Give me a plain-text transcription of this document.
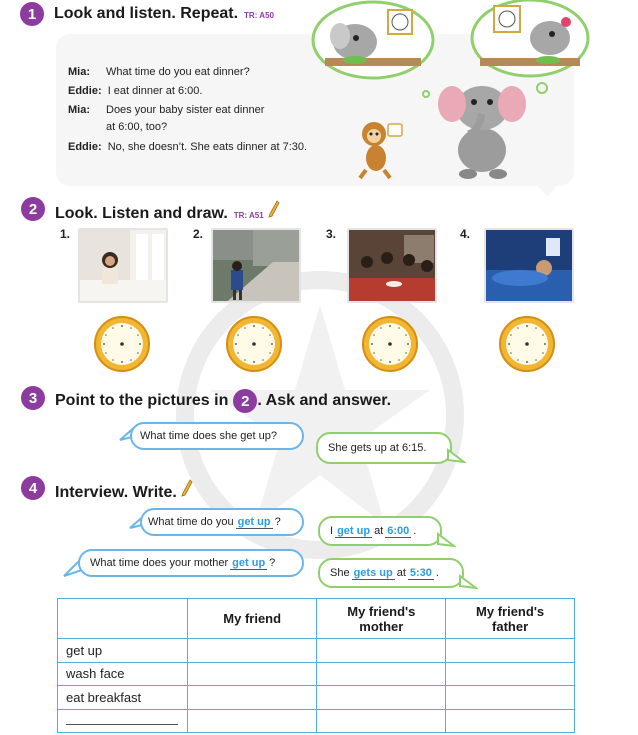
1	Look and listen. Repeat. TR: A50
Mia: What time do you eat dinner?
Eddie: I eat dinner at 6:00.
Mia: Does your baby sister eat dinner
at 6:00, too?
Eddie: No, she doesn’t. She eats dinner at 7:30.
2	Look. Listen and draw. TR: A51
1.	2.	3.	4.
3	Point to the pictures in 2 . Ask and answer.
What time does she get up?
She gets up at 6:15.
4	Interview. Write.
What time do you get up ?
I get up at 6:00 .
What time does your mother get up ?
She gets up at 5:30 .
	My friend	My friend's mother	My friend's father
get up			
wash face			
eat breakfast			
